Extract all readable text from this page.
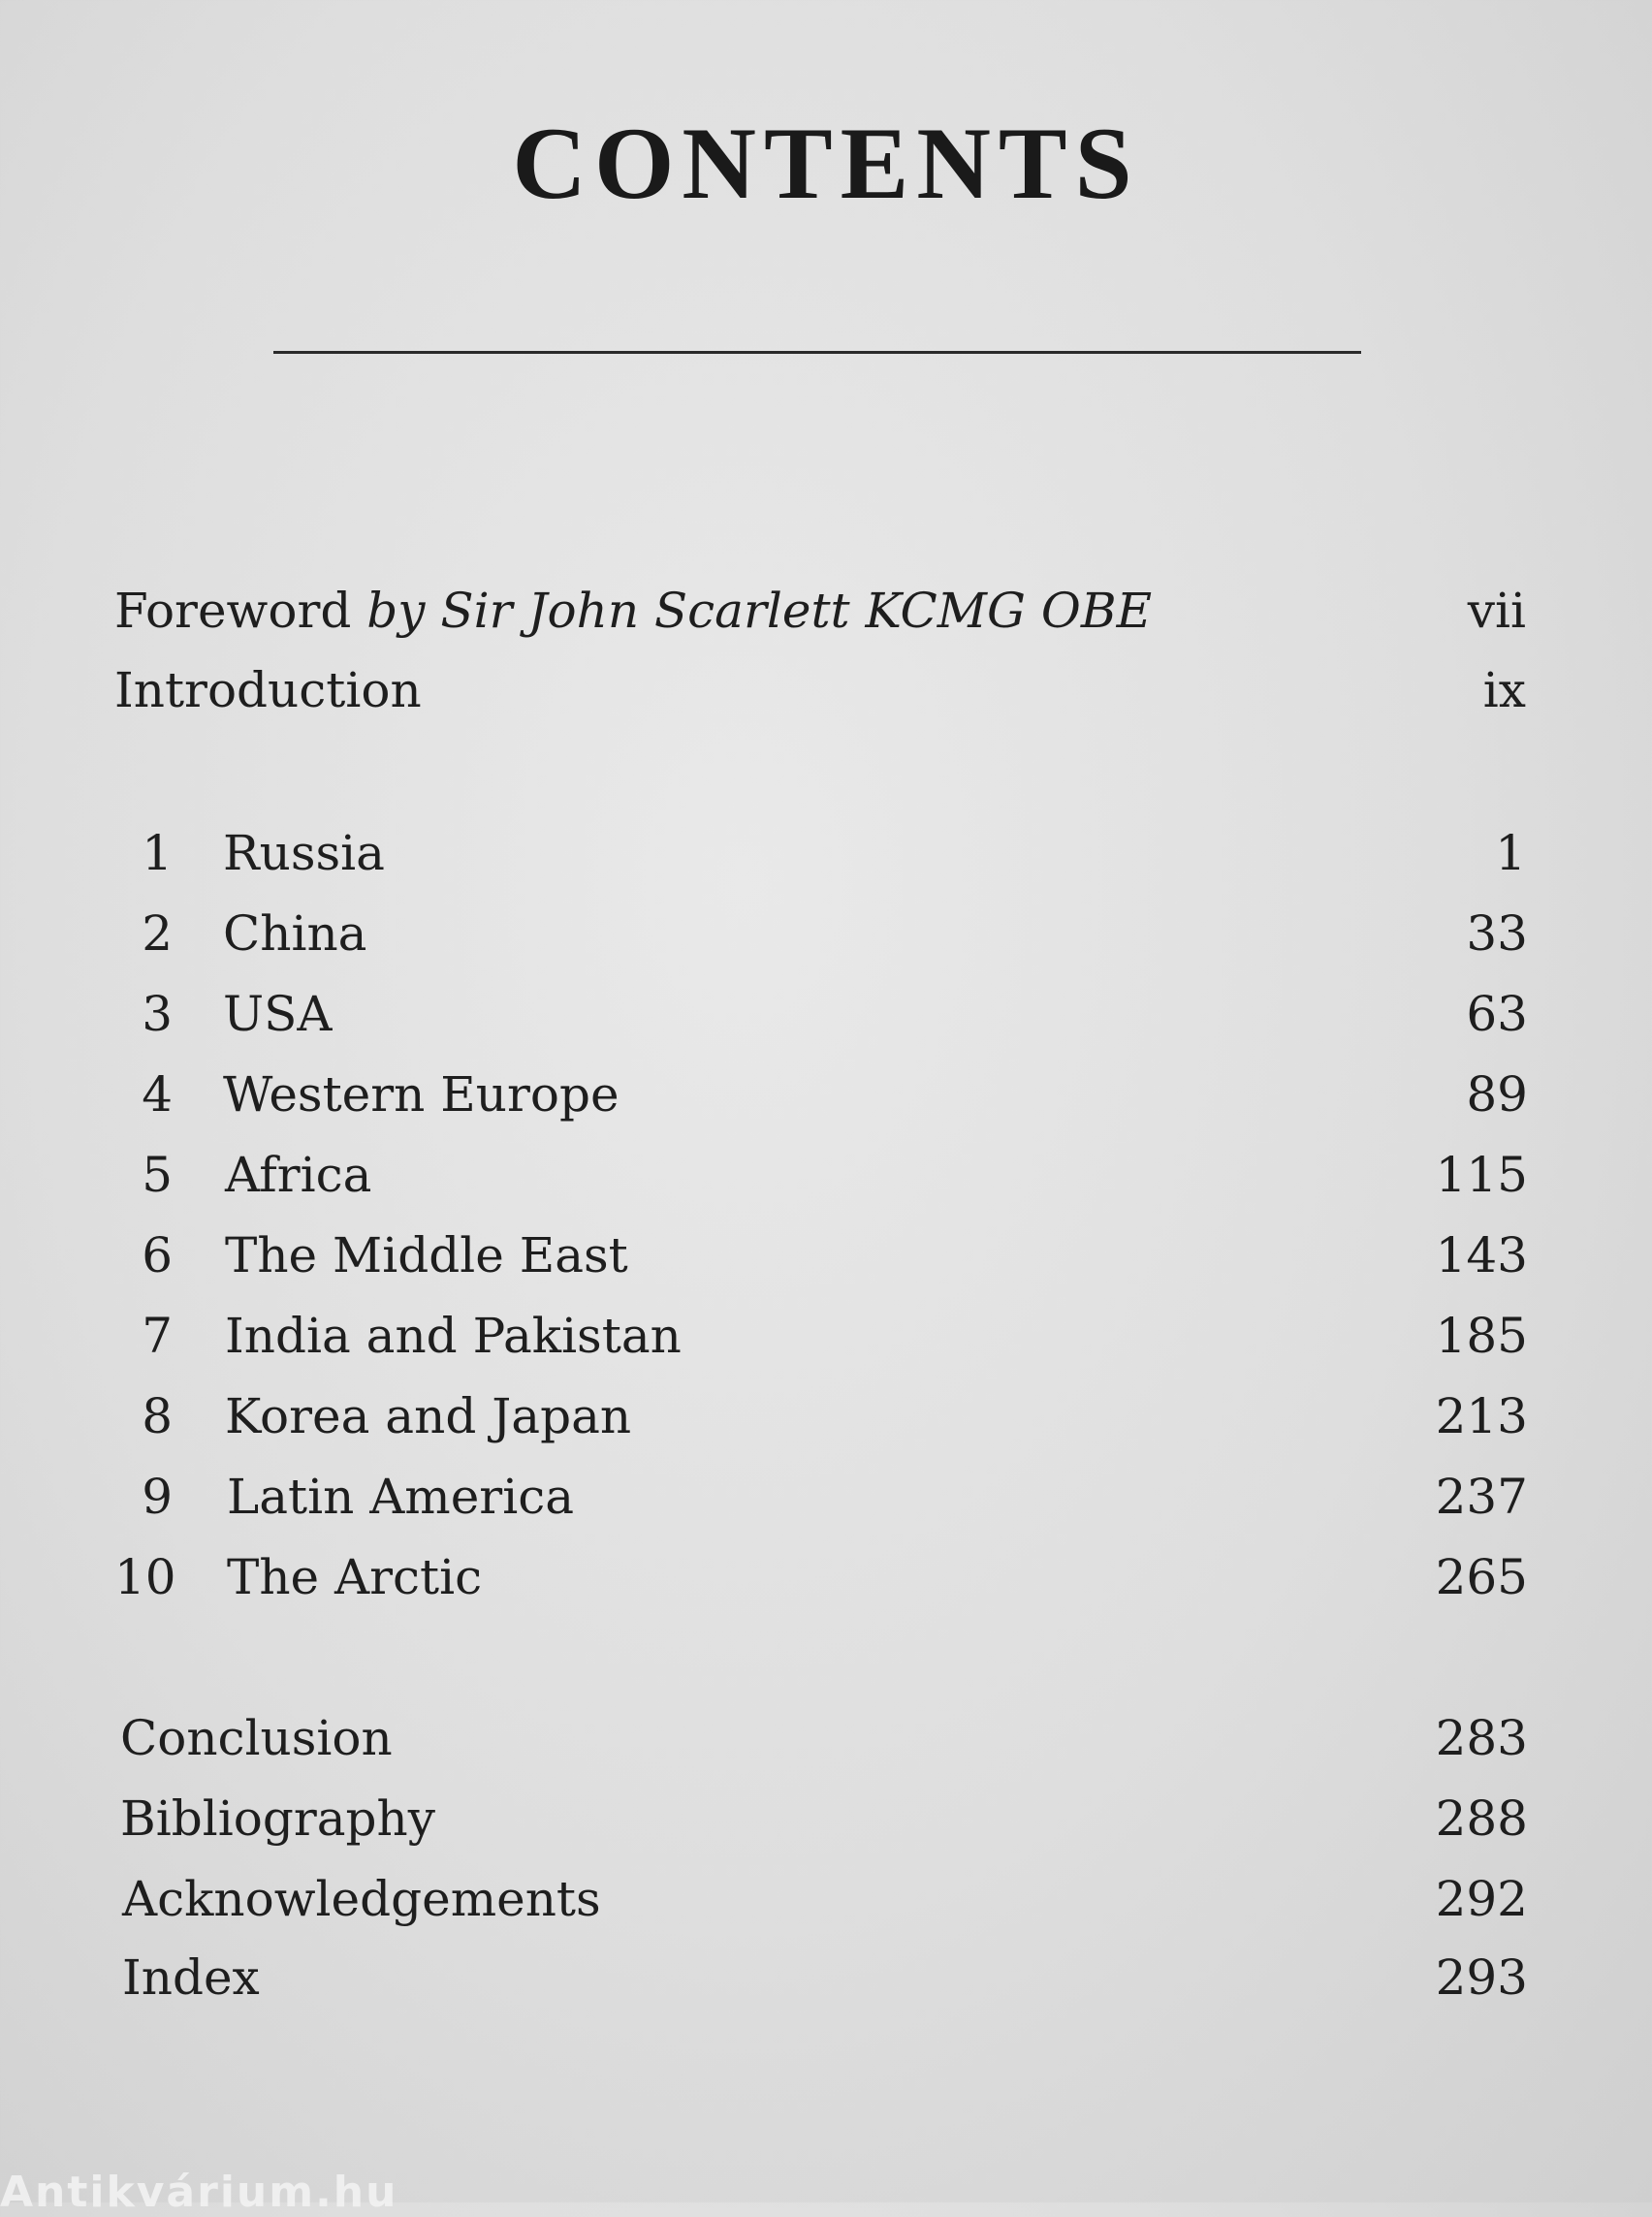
CONTENTS
Foreword by Sir John Scarlett KCMG OBE	vii
Introduction	ix
1 Russia	1
2 China	33
3 USA	63
4 Western Europe	89
5 Africa	115
6 The Middle East	143
7 India and Pakistan	185
8 Korea and Japan	213
9 Latin America	237
10 The Arctic	265
Conclusion	283
Bibliography	288
Acknowledgements	292
Index	293
Antikvárium.hu
